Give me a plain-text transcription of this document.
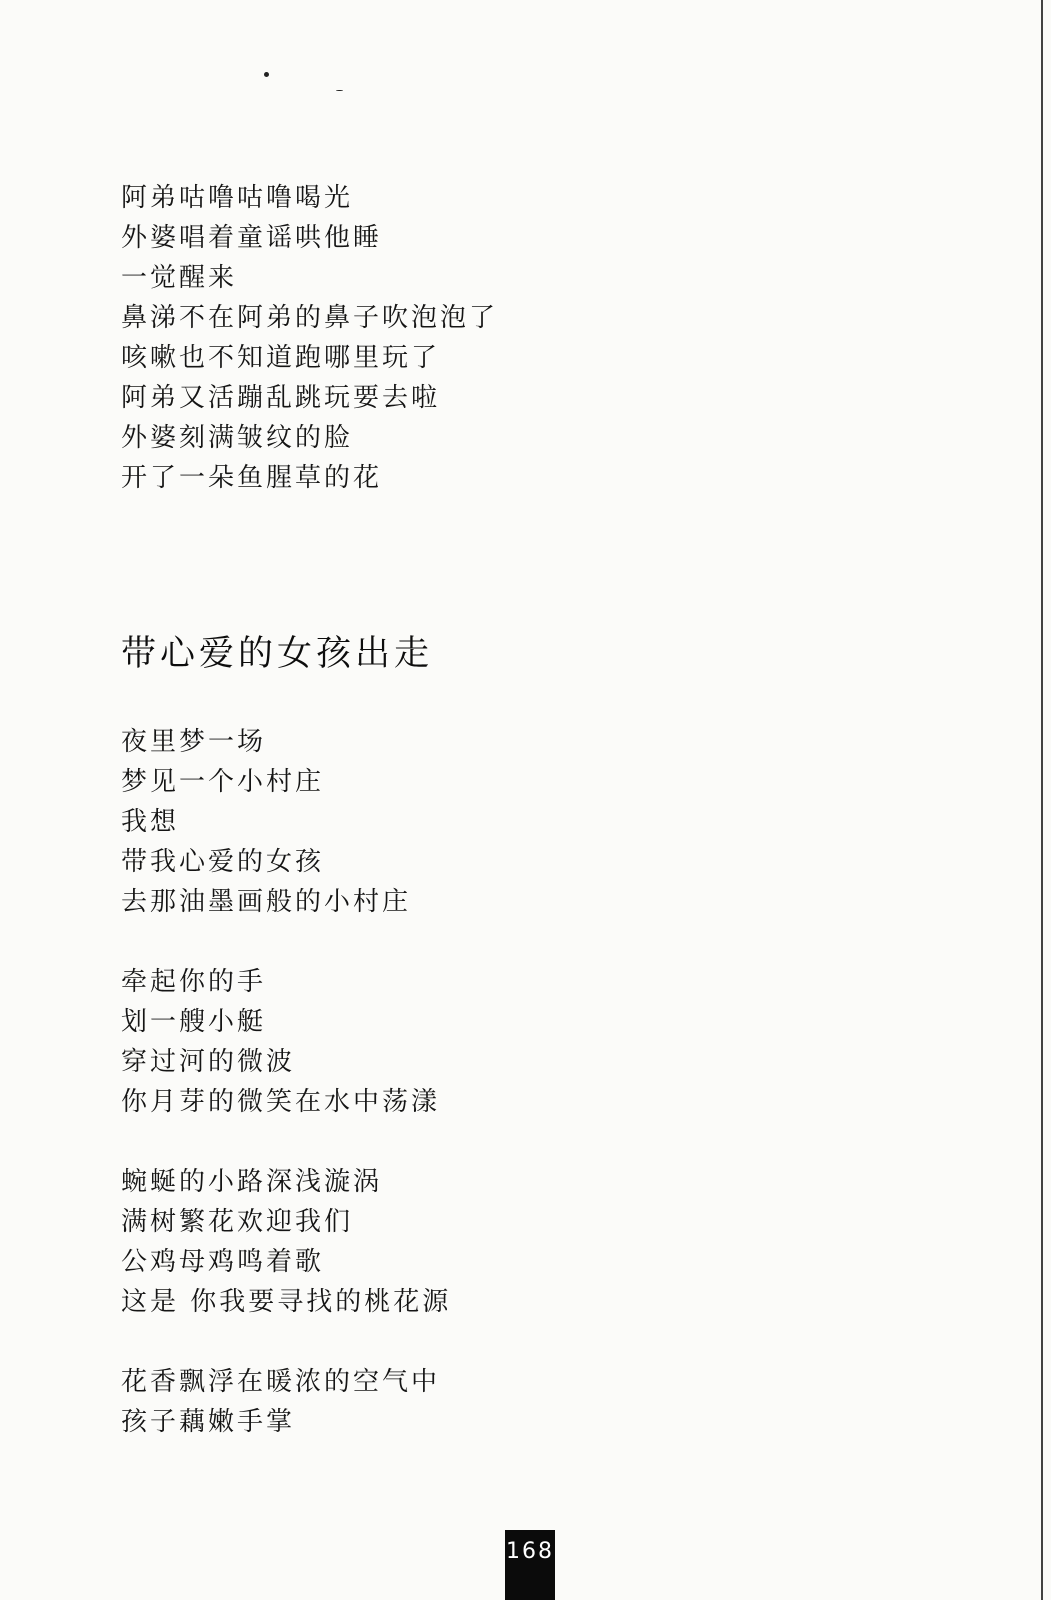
阿弟咕噜咕噜喝光
外婆唱着童谣哄他睡
一觉醒来
鼻涕不在阿弟的鼻子吹泡泡了
咳嗽也不知道跑哪里玩了
阿弟又活蹦乱跳玩要去啦
外婆刻满皱纹的脸
开了一朵鱼腥草的花
带心爱的女孩出走
夜里梦一场
梦见一个小村庄
我想
带我心爱的女孩
去那油墨画般的小村庄
牵起你的手
划一艘小艇
穿过河的微波
你月芽的微笑在水中荡漾
蜿蜒的小路深浅漩涡
满树繁花欢迎我们
公鸡母鸡鸣着歌
这是 你我要寻找的桃花源
花香飘浮在暖浓的空气中
孩子藕嫩手掌
168
